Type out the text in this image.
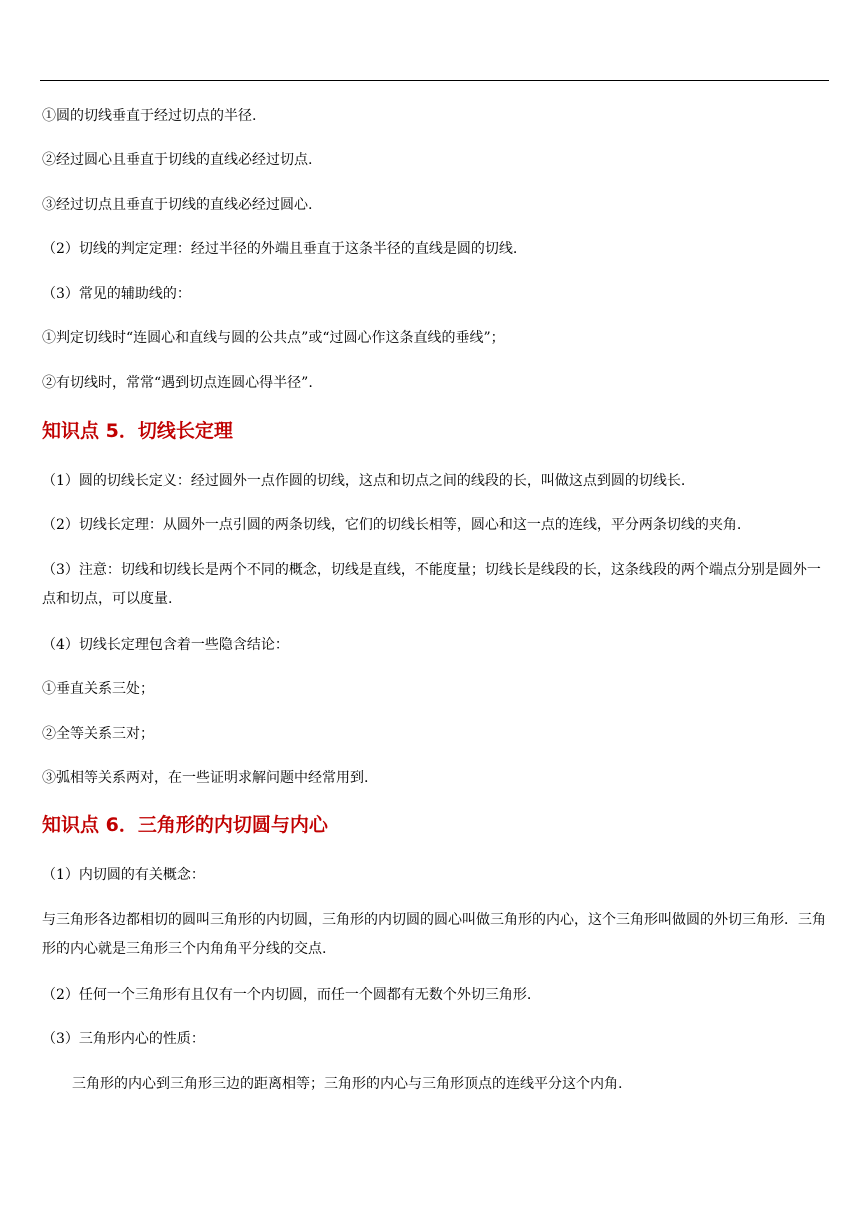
①圆的切线垂直于经过切点的半径.
②经过圆心且垂直于切线的直线必经过切点.
③经过切点且垂直于切线的直线必经过圆心.
（2）切线的判定定理：经过半径的外端且垂直于这条半径的直线是圆的切线.
（3）常见的辅助线的：
①判定切线时“连圆心和直线与圆的公共点”或“过圆心作这条直线的垂线”；
②有切线时，常常“遇到切点连圆心得半径”.
知识点 5．切线长定理
（1）圆的切线长定义：经过圆外一点作圆的切线，这点和切点之间的线段的长，叫做这点到圆的切线长.
（2）切线长定理：从圆外一点引圆的两条切线，它们的切线长相等，圆心和这一点的连线，平分两条切线的夹角.
（3）注意：切线和切线长是两个不同的概念，切线是直线，不能度量；切线长是线段的长，这条线段的两个端点分别是圆外一点和切点，可以度量.
（4）切线长定理包含着一些隐含结论：
①垂直关系三处；
②全等关系三对；
③弧相等关系两对，在一些证明求解问题中经常用到.
知识点 6．三角形的内切圆与内心
（1）内切圆的有关概念：
与三角形各边都相切的圆叫三角形的内切圆，三角形的内切圆的圆心叫做三角形的内心，这个三角形叫做圆的外切三角形．三角形的内心就是三角形三个内角角平分线的交点.
（2）任何一个三角形有且仅有一个内切圆，而任一个圆都有无数个外切三角形.
（3）三角形内心的性质：
三角形的内心到三角形三边的距离相等；三角形的内心与三角形顶点的连线平分这个内角.
